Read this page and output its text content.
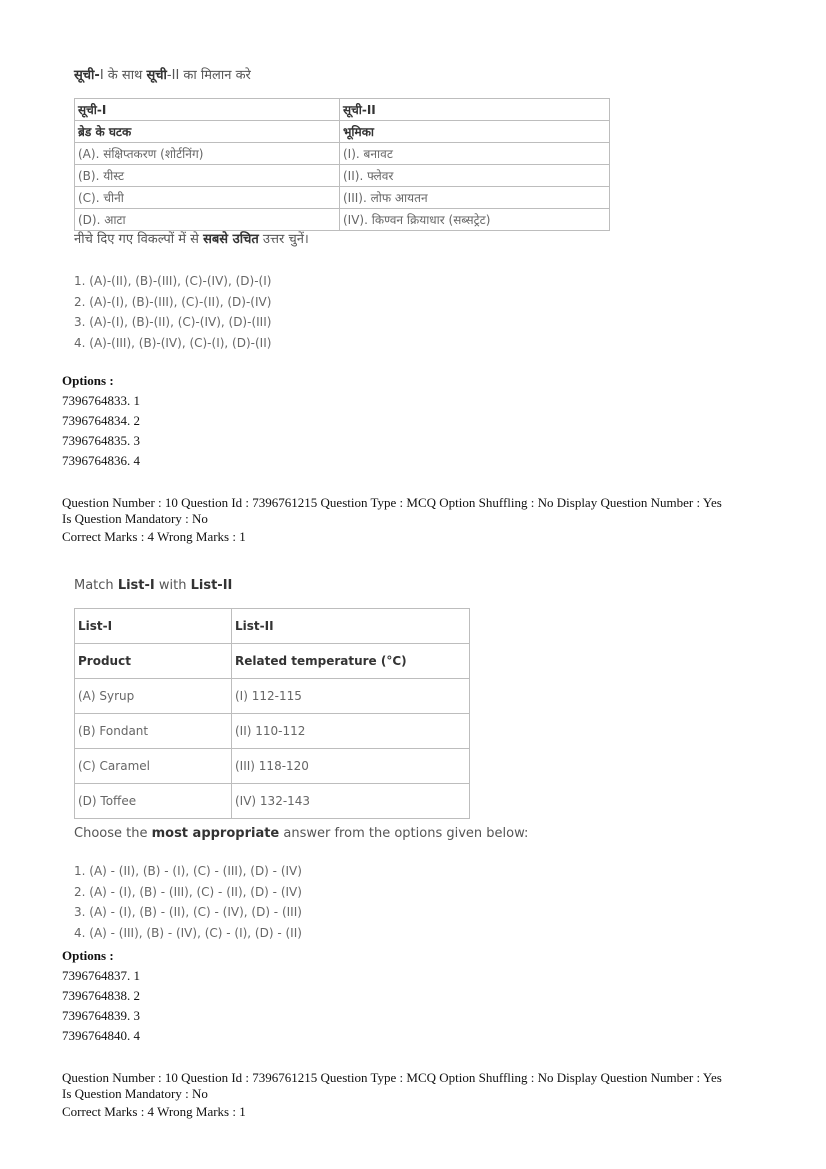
सूची-I के साथ सूची-II का मिलान करे
सूची-I	सूची-II
ब्रेड के घटक	भूमिका
(A). संक्षिप्तकरण (शोर्टनिंग)	(I). बनावट
(B). यीस्ट	(II). फ्लेवर
(C). चीनी	(III). लोफ आयतन
(D). आटा	(IV). किण्वन क्रियाधार (सब्सट्रेट)
नीचे दिए गए विकल्पों में से सबसे उचित उत्तर चुनें।
1. (A)-(II), (B)-(III), (C)-(IV), (D)-(I)
2. (A)-(I), (B)-(III), (C)-(II), (D)-(IV)
3. (A)-(I), (B)-(II), (C)-(IV), (D)-(III)
4. (A)-(III), (B)-(IV), (C)-(I), (D)-(II)
Options :
7396764833. 1
7396764834. 2
7396764835. 3
7396764836. 4
Question Number : 10 Question Id : 7396761215 Question Type : MCQ Option Shuffling : No Display Question Number : Yes
Is Question Mandatory : No
Correct Marks : 4 Wrong Marks : 1
Match List-I with List-II
List-I	List-II
Product	Related temperature (°C)
(A) Syrup	(I) 112-115
(B) Fondant	(II) 110-112
(C) Caramel	(III) 118-120
(D) Toffee	(IV) 132-143
Choose the most appropriate answer from the options given below:
1. (A) - (II), (B) - (I), (C) - (III), (D) - (IV)
2. (A) - (I), (B) - (III), (C) - (II), (D) - (IV)
3. (A) - (I), (B) - (II), (C) - (IV), (D) - (III)
4. (A) - (III), (B) - (IV), (C) - (I), (D) - (II)
Options :
7396764837. 1
7396764838. 2
7396764839. 3
7396764840. 4
Question Number : 10 Question Id : 7396761215 Question Type : MCQ Option Shuffling : No Display Question Number : Yes
Is Question Mandatory : No
Correct Marks : 4 Wrong Marks : 1
